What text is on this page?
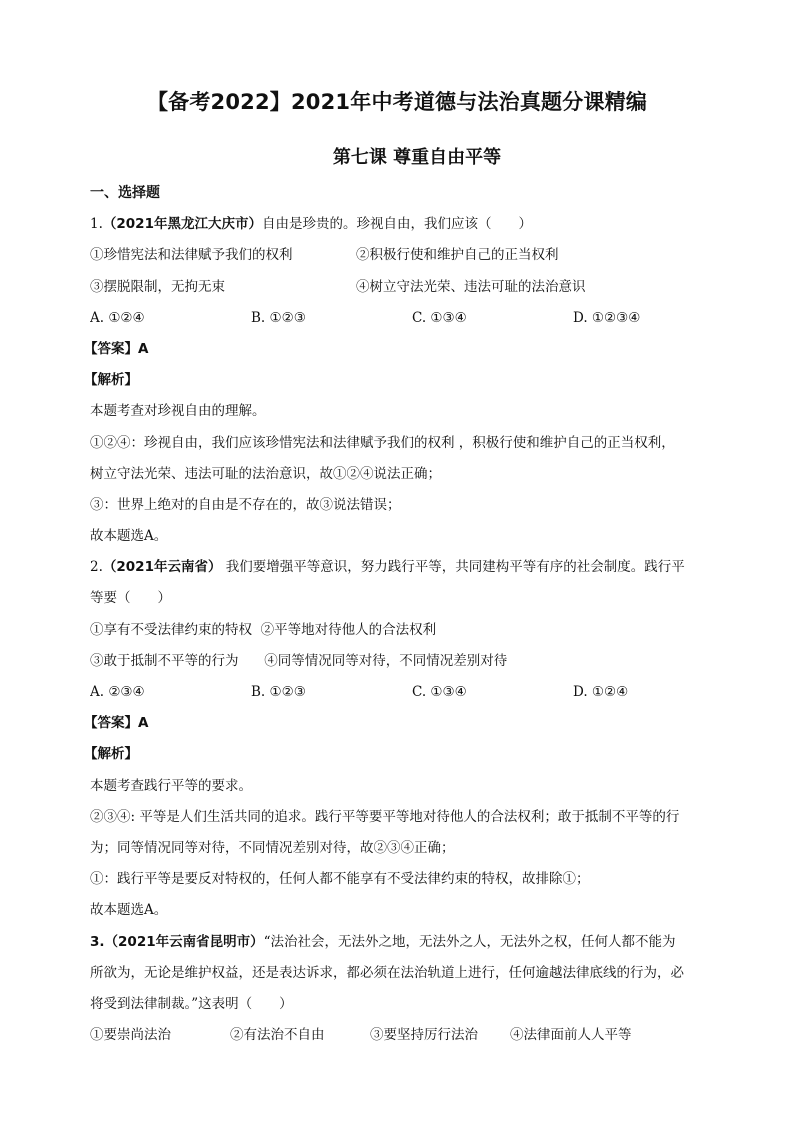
【备考2022】2021年中考道德与法治真题分课精编
第七课 尊重自由平等
一、选择题
1.（2021年黑龙江大庆市）自由是珍贵的。珍视自由，我们应该（　　）
①珍惜宪法和法律赋予我们的权利	②积极行使和维护自己的正当权利
③摆脱限制，无拘无束	④树立守法光荣、违法可耻的法治意识
A. ①②④	B. ①②③	C. ①③④	D. ①②③④
【答案】A
【解析】
本题考查对珍视自由的理解。
①②④：珍视自由，我们应该珍惜宪法和法律赋予我们的权利 ，积极行使和维护自己的正当权利，
树立守法光荣、违法可耻的法治意识，故①②④说法正确；
③：世界上绝对的自由是不存在的，故③说法错误；
故本题选A。
2.（2021年云南省） 我们要增强平等意识，努力践行平等，共同建构平等有序的社会制度。践行平
等要（　　）
①享有不受法律约束的特权 ②平等地对待他人的合法权利
③敢于抵制不平等的行为 ④同等情况同等对待，不同情况差别对待
A. ②③④	B. ①②③	C. ①③④	D. ①②④
【答案】A
【解析】
本题考查践行平等的要求。
②③④: 平等是人们生活共同的追求。践行平等要平等地对待他人的合法权利；敢于抵制不平等的行
为；同等情况同等对待，不同情况差别对待，故②③④正确；
①：践行平等是要反对特权的，任何人都不能享有不受法律约束的特权，故排除①；
故本题选A。
3.（2021年云南省昆明市）“法治社会，无法外之地，无法外之人，无法外之权，任何人都不能为
所欲为，无论是维护权益，还是表达诉求，都必须在法治轨道上进行，任何逾越法律底线的行为，必
将受到法律制裁。”这表明（　　）
①要崇尚法治	②有法治不自由	③要坚持厉行法治	④法律面前人人平等
